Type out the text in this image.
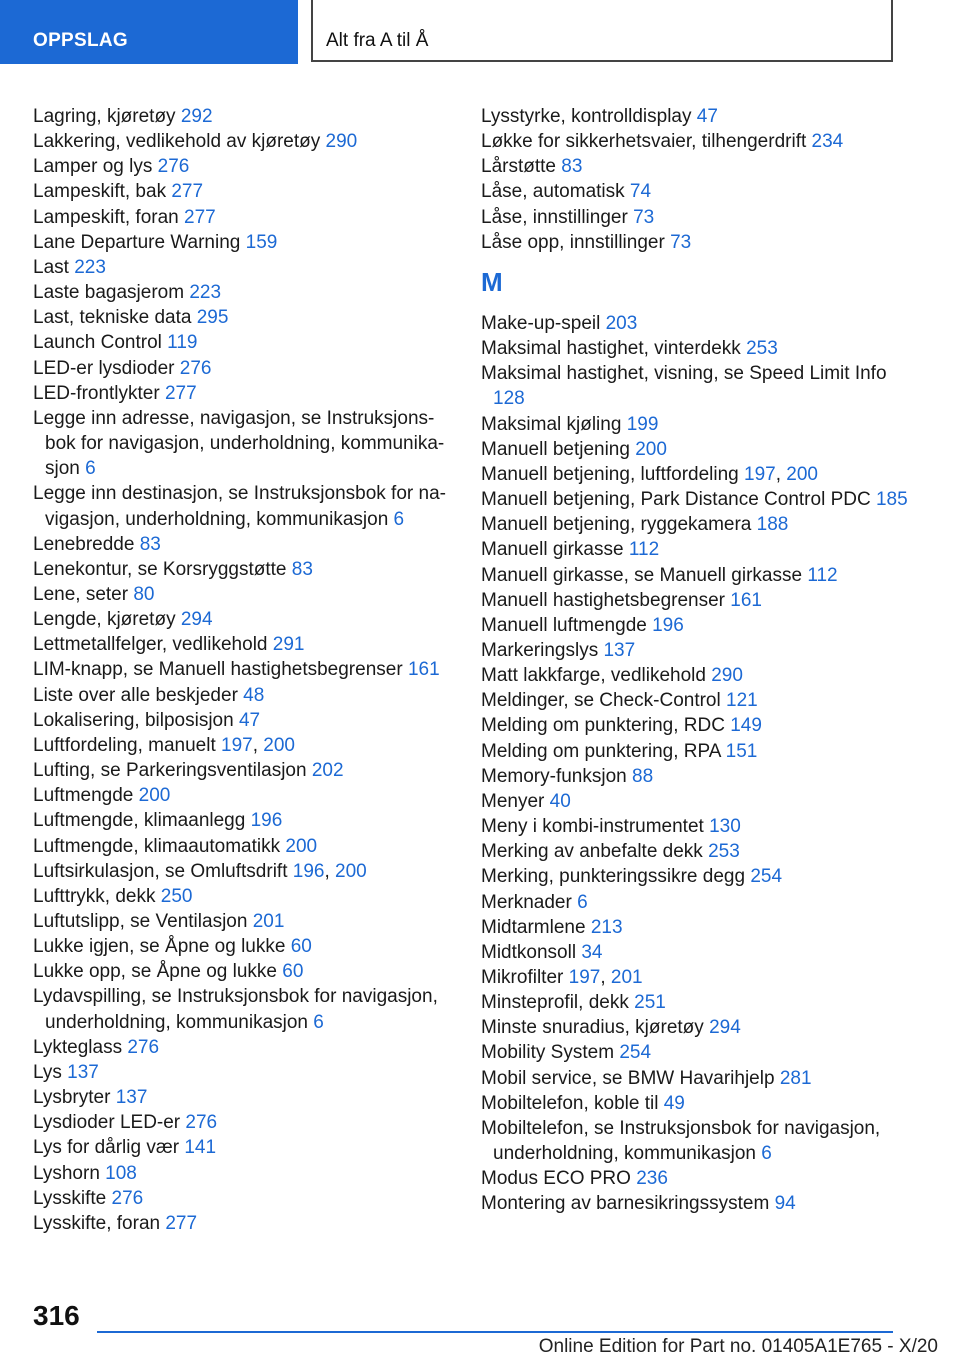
OPPSLAG	Alt fra A til Å
Lagring, kjøretøy 292
Lakkering, vedlikehold av kjøretøy 290
Lamper og lys 276
Lampeskift, bak 277
Lampeskift, foran 277
Lane Departure Warning 159
Last 223
Laste bagasjerom 223
Last, tekniske data 295
Launch Control 119
LED-er lysdioder 276
LED-frontlykter 277
Legge inn adresse, navigasjon, se Instruksjonsbok for navigasjon, underholdning, kommunikasjon 6
Legge inn destinasjon, se Instruksjonsbok for navigasjon, underholdning, kommunikasjon 6
Lenebredde 83
Lenekontur, se Korsryggstøtte 83
Lene, seter 80
Lengde, kjøretøy 294
Lettmetallfelger, vedlikehold 291
LIM-knapp, se Manuell hastighetsbegrenser 161
Liste over alle beskjeder 48
Lokalisering, bilposisjon 47
Luftfordeling, manuelt 197, 200
Lufting, se Parkeringsventilasjon 202
Luftmengde 200
Luftmengde, klimaanlegg 196
Luftmengde, klimaautomatikk 200
Luftsirkulasjon, se Omluftsdrift 196, 200
Lufttrykk, dekk 250
Luftutslipp, se Ventilasjon 201
Lukke igjen, se Åpne og lukke 60
Lukke opp, se Åpne og lukke 60
Lydavspilling, se Instruksjonsbok for navigasjon, underholdning, kommunikasjon 6
Lykteglass 276
Lys 137
Lysbryter 137
Lysdioder LED-er 276
Lys for dårlig vær 141
Lyshorn 108
Lysskifte 276
Lysskifte, foran 277
Lysstyrke, kontrolldisplay 47
Løkke for sikkerhetsvaier, tilhengerdrift 234
Lårstøtte 83
Låse, automatisk 74
Låse, innstillinger 73
Låse opp, innstillinger 73
M
Make-up-speil 203
Maksimal hastighet, vinterdekk 253
Maksimal hastighet, visning, se Speed Limit Info 128
Maksimal kjøling 199
Manuell betjening 200
Manuell betjening, luftfordeling 197, 200
Manuell betjening, Park Distance Control PDC 185
Manuell betjening, ryggekamera 188
Manuell girkasse 112
Manuell girkasse, se Manuell girkasse 112
Manuell hastighetsbegrenser 161
Manuell luftmengde 196
Markeringslys 137
Matt lakkfarge, vedlikehold 290
Meldinger, se Check-Control 121
Melding om punktering, RDC 149
Melding om punktering, RPA 151
Memory-funksjon 88
Menyer 40
Meny i kombi-instrumentet 130
Merking av anbefalte dekk 253
Merking, punkteringssikre degg 254
Merknader 6
Midtarmlene 213
Midtkonsoll 34
Mikrofilter 197, 201
Minsteprofil, dekk 251
Minste snuradius, kjøretøy 294
Mobility System 254
Mobil service, se BMW Havarihjelp 281
Mobiltelefon, koble til 49
Mobiltelefon, se Instruksjonsbok for navigasjon, underholdning, kommunikasjon 6
Modus ECO PRO 236
Montering av barnesikringssystem 94
316
Online Edition for Part no. 01405A1E765 - X/20
